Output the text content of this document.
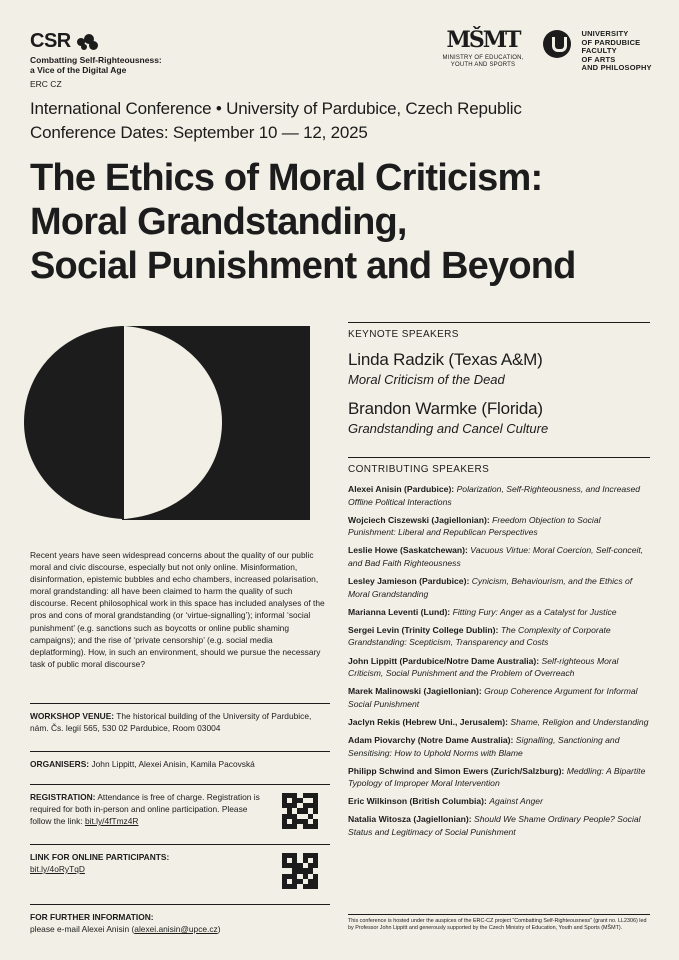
CSR
Combatting Self-Righteousness:
a Vice of the Digital Age
ERC CZ
MŠMT
MINISTRY OF EDUCATION,
YOUTH AND SPORTS

UNIVERSITY
OF PARDUBICE
FACULTY
OF ARTS
AND PHILOSOPHY
International Conference • University of Pardubice, Czech Republic
Conference Dates: September 10 — 12, 2025
The Ethics of Moral Criticism:
Moral Grandstanding,
Social Punishment and Beyond
Recent years have seen widespread concerns about the quality of our public moral and civic discourse, especially but not only online. Misinformation, disinformation, epistemic bubbles and echo chambers, increased polarisation, moral grandstanding: all have been claimed to harm the quality of such discourse. Recent philosophical work in this space has included analyses of the pros and cons of moral grandstanding (or ‘virtue-signalling’); informal ‘social punishment’ (e.g. sanctions such as boycotts or online public shaming campaigns); and the rise of ‘private censorship’ (e.g. social media deplatforming). How, in such an environment, should we pursue the necessary task of public moral discourse?
WORKSHOP VENUE: The historical building of the University of Pardubice, nám. Čs. legií 565, 530 02 Pardubice, Room 03004
ORGANISERS: John Lippitt, Alexei Anisin, Kamila Pacovská
REGISTRATION: Attendance is free of charge. Registration is required for both in-person and online participation. Please follow the link: bit.ly/4fTmz4R
LINK FOR ONLINE PARTICIPANTS:
bit.ly/4oRyTqD
FOR FURTHER INFORMATION:
please e-mail Alexei Anisin (alexei.anisin@upce.cz)
KEYNOTE SPEAKERS
Linda Radzik (Texas A&M)
Moral Criticism of the Dead
Brandon Warmke (Florida)
Grandstanding and Cancel Culture
CONTRIBUTING SPEAKERS
Alexei Anisin (Pardubice): Polarization, Self-Righteousness, and Increased Offline Political Interactions
Wojciech Ciszewski (Jagiellonian): Freedom Objection to Social Punishment: Liberal and Republican Perspectives
Leslie Howe (Saskatchewan): Vacuous Virtue: Moral Coercion, Self-conceit, and Bad Faith Righteousness
Lesley Jamieson (Pardubice): Cynicism, Behaviourism, and the Ethics of Moral Grandstanding
Marianna Leventi (Lund): Fitting Fury: Anger as a Catalyst for Justice
Sergei Levin (Trinity College Dublin): The Complexity of Corporate Grandstanding: Scepticism, Transparency and Costs
John Lippitt (Pardubice/Notre Dame Australia): Self-righteous Moral Criticism, Social Punishment and the Problem of Overreach
Marek Malinowski (Jagiellonian): Group Coherence Argument for Informal Social Punishment
Jaclyn Rekis (Hebrew Uni., Jerusalem): Shame, Religion and Understanding
Adam Piovarchy (Notre Dame Australia): Signalling, Sanctioning and Sensitising: How to Uphold Norms with Blame
Philipp Schwind and Simon Ewers (Zurich/Salzburg): Meddling: A Bipartite Typology of Improper Moral Intervention
Eric Wilkinson (British Columbia): Against Anger
Natalia Witosza (Jagiellonian): Should We Shame Ordinary People? Social Status and Legitimacy of Social Punishment
This conference is hosted under the auspices of the ERC-CZ project “Combatting Self-Righteousness” (grant no. LL2306) led by Professor John Lippitt and generously supported by the Czech Ministry of Education, Youth and Sports (MŠMT).
